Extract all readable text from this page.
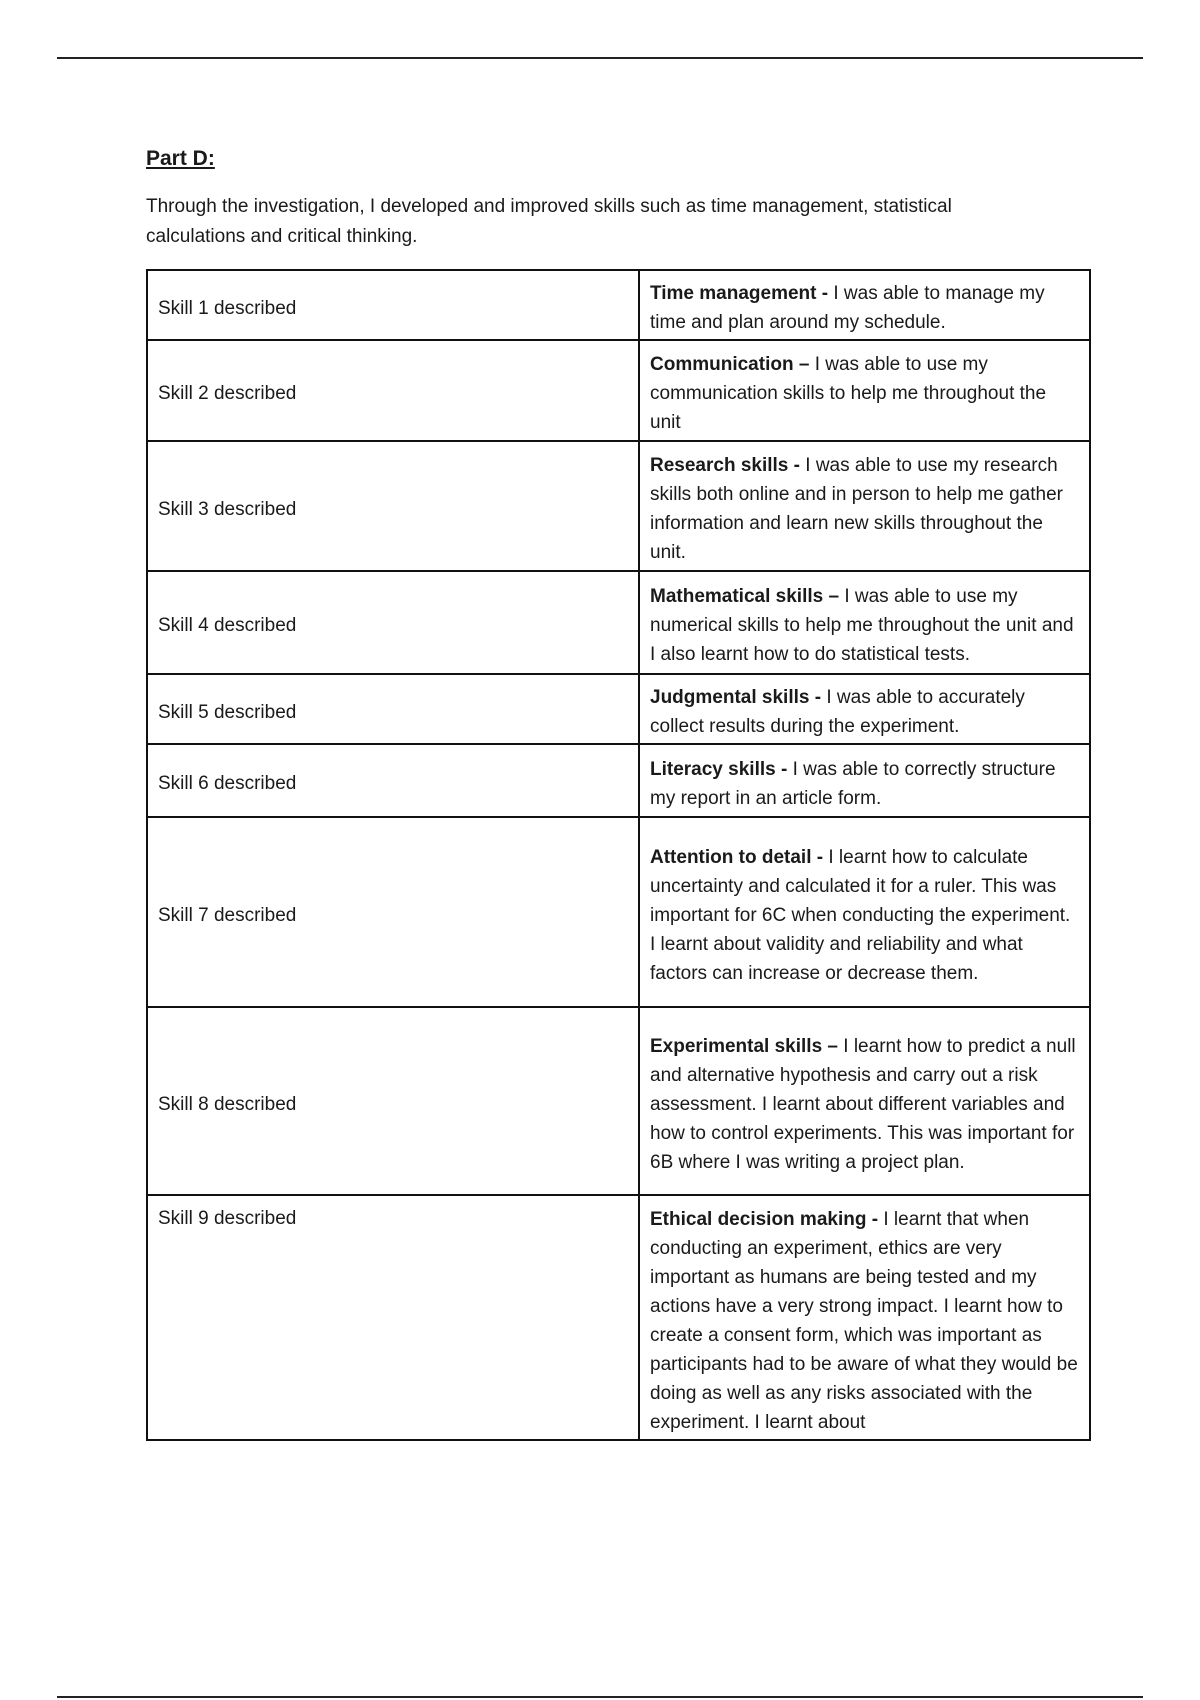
Part D:

Through the investigation, I developed and improved skills such as time management, statistical calculations and critical thinking.

Skill 1 described	Time management - I was able to manage my time and plan around my schedule.
Skill 2 described	Communication – I was able to use my communication skills to help me throughout the unit
Skill 3 described	Research skills - I was able to use my research skills both online and in person to help me gather information and learn new skills throughout the unit.
Skill 4 described	Mathematical skills – I was able to use my numerical skills to help me throughout the unit and I also learnt how to do statistical tests.
Skill 5 described	Judgmental skills - I was able to accurately collect results during the experiment.
Skill 6 described	Literacy skills - I was able to correctly structure my report in an article form.
Skill 7 described	Attention to detail - I learnt how to calculate uncertainty and calculated it for a ruler. This was important for 6C when conducting the experiment. I learnt about validity and reliability and what factors can increase or decrease them.
Skill 8 described	Experimental skills – I learnt how to predict a null and alternative hypothesis and carry out a risk assessment. I learnt about different variables and how to control experiments. This was important for 6B where I was writing a project plan.
Skill 9 described	Ethical decision making - I learnt that when conducting an experiment, ethics are very important as humans are being tested and my actions have a very strong impact. I learnt how to create a consent form, which was important as participants had to be aware of what they would be doing as well as any risks associated with the experiment. I learnt about
